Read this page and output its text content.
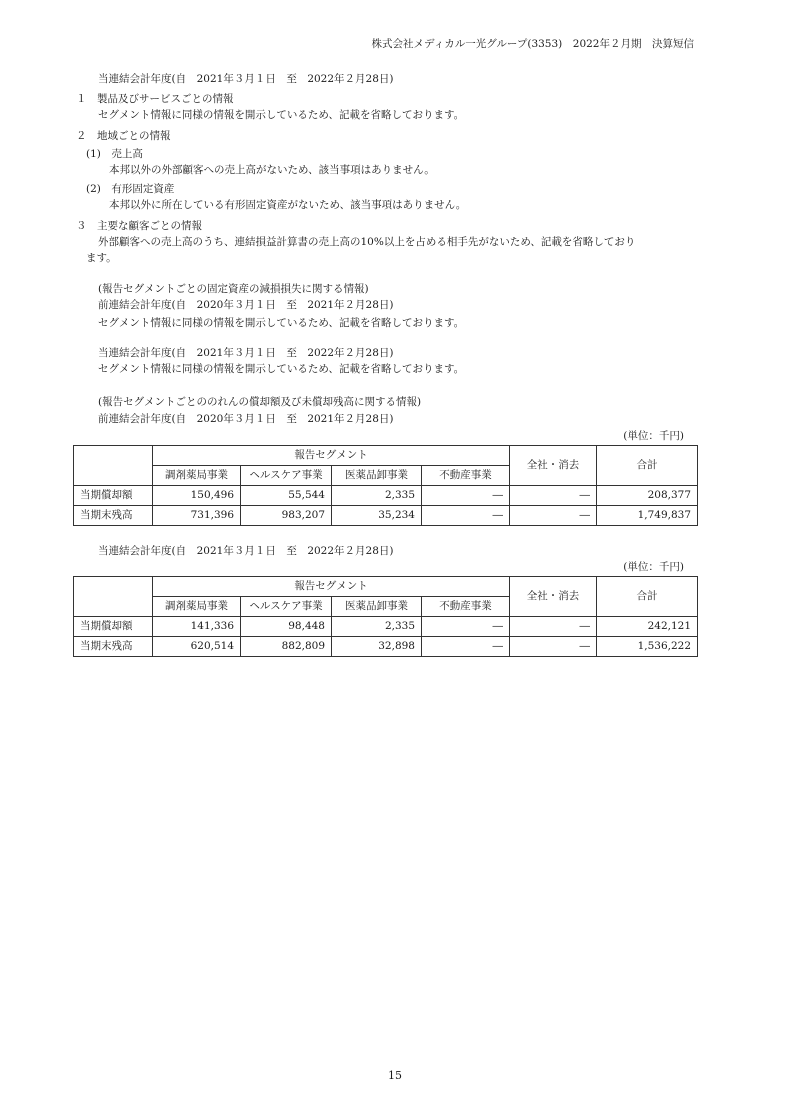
株式会社メディカル一光グループ(3353)　2022年２月期　決算短信
当連結会計年度(自　2021年３月１日　至　2022年２月28日)
１　製品及びサービスごとの情報
セグメント情報に同様の情報を開示しているため、記載を省略しております。
２　地域ごとの情報
(1)　売上高
本邦以外の外部顧客への売上高がないため、該当事項はありません。
(2)　有形固定資産
本邦以外に所在している有形固定資産がないため、該当事項はありません。
３　主要な顧客ごとの情報
外部顧客への売上高のうち、連結損益計算書の売上高の10%以上を占める相手先がないため、記載を省略しており
ます。
(報告セグメントごとの固定資産の減損損失に関する情報)
前連結会計年度(自　2020年３月１日　至　2021年２月28日)
セグメント情報に同様の情報を開示しているため、記載を省略しております。
当連結会計年度(自　2021年３月１日　至　2022年２月28日)
セグメント情報に同様の情報を開示しているため、記載を省略しております。
(報告セグメントごとののれんの償却額及び未償却残高に関する情報)
前連結会計年度(自　2020年３月１日　至　2021年２月28日)
(単位：千円)
	報告セグメント				全社・消去	合計
	調剤薬局事業	ヘルスケア事業	医薬品卸事業	不動産事業		
当期償却額	150,496	55,544	2,335	―	―	208,377
当期末残高	731,396	983,207	35,234	―	―	1,749,837
当連結会計年度(自　2021年３月１日　至　2022年２月28日)
(単位：千円)
	報告セグメント				全社・消去	合計
	調剤薬局事業	ヘルスケア事業	医薬品卸事業	不動産事業		
当期償却額	141,336	98,448	2,335	―	―	242,121
当期末残高	620,514	882,809	32,898	―	―	1,536,222
15
